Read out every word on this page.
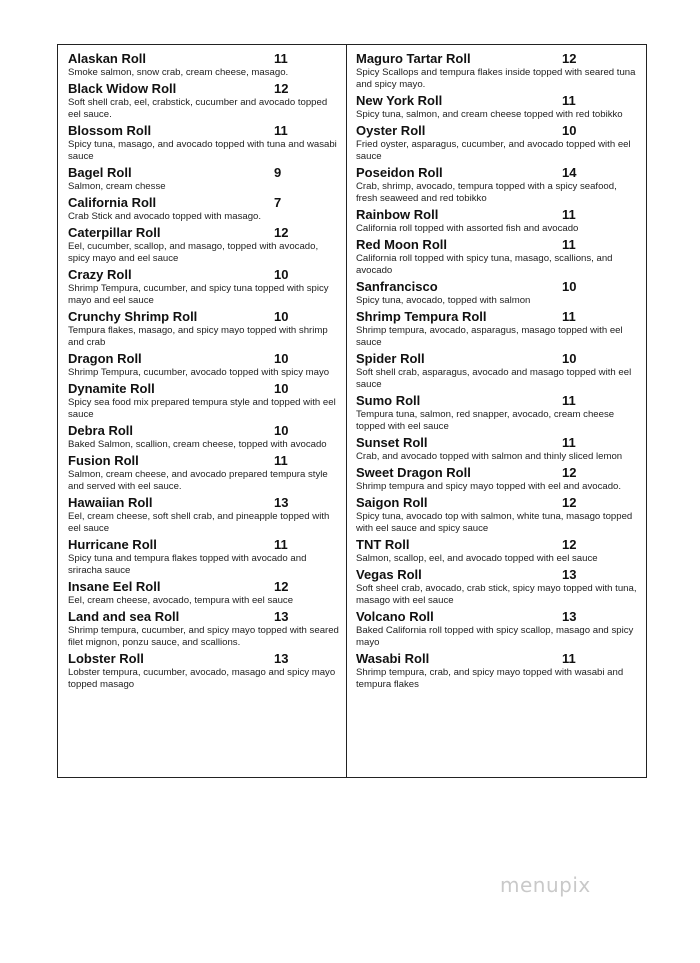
Alaskan Roll	11
Smoke salmon, snow crab, cream cheese, masago.
Black Widow Roll	12
Soft shell crab, eel, crabstick, cucumber and avocado topped eel sauce.
Blossom Roll	11
Spicy tuna, masago, and avocado topped with tuna and wasabi sauce
Bagel Roll	9
Salmon, cream chesse
California Roll	7
Crab Stick and avocado topped with masago.
Caterpillar Roll	12
Eel, cucumber, scallop, and masago, topped with avocado, spicy mayo and eel sauce
Crazy Roll	10
Shrimp Tempura, cucumber, and spicy tuna topped with spicy mayo and eel sauce
Crunchy Shrimp Roll	10
Tempura flakes, masago, and spicy mayo topped with shrimp and crab
Dragon Roll	10
Shrimp Tempura, cucumber, avocado topped with spicy mayo
Dynamite Roll	10
Spicy sea food mix prepared tempura style and topped with eel sauce
Debra Roll	10
Baked Salmon, scallion, cream cheese, topped with avocado
Fusion Roll	11
Salmon, cream cheese, and avocado prepared tempura style and served with eel sauce.
Hawaiian Roll	13
Eel, cream cheese, soft shell crab, and pineapple topped with eel sauce
Hurricane Roll	11
Spicy tuna and tempura flakes topped with avocado and sriracha sauce
Insane Eel Roll	12
Eel, cream cheese, avocado, tempura with eel sauce
Land and sea Roll	13
Shrimp tempura, cucumber, and spicy mayo topped with seared filet mignon, ponzu sauce, and scallions.
Lobster Roll	13
Lobster tempura, cucumber, avocado, masago and spicy mayo topped masago
Maguro Tartar Roll	12
Spicy Scallops and tempura flakes inside topped with seared tuna and spicy mayo.
New York Roll	11
Spicy tuna, salmon, and cream cheese topped with red tobikko
Oyster Roll	10
Fried oyster, asparagus, cucumber, and avocado topped with eel sauce
Poseidon Roll	14
Crab, shrimp, avocado, tempura topped with a spicy seafood, fresh seaweed and red tobikko
Rainbow Roll	11
California roll topped with assorted fish and avocado
Red Moon Roll	11
California roll topped with spicy tuna, masago, scallions, and avocado
Sanfrancisco	10
Spicy tuna, avocado, topped with salmon
Shrimp Tempura Roll	11
Shrimp tempura, avocado, asparagus, masago topped with eel sauce
Spider Roll	10
Soft shell crab, asparagus, avocado and masago topped with eel sauce
Sumo Roll	11
Tempura tuna, salmon, red snapper, avocado, cream cheese topped with eel sauce
Sunset Roll	11
Crab, and avocado topped with salmon and thinly sliced lemon
Sweet Dragon Roll	12
Shrimp tempura and spicy mayo topped with eel and avocado.
Saigon Roll	12
Spicy tuna, avocado top with salmon, white tuna, masago topped with eel sauce and spicy sauce
TNT Roll	12
Salmon, scallop, eel, and avocado topped with eel sauce
Vegas Roll	13
Soft sheel crab, avocado, crab stick, spicy mayo topped with tuna, masago with eel sauce
Volcano Roll	13
Baked California roll topped with spicy scallop, masago and spicy mayo
Wasabi Roll	11
Shrimp tempura, crab, and spicy mayo topped with wasabi and tempura flakes
menupix
